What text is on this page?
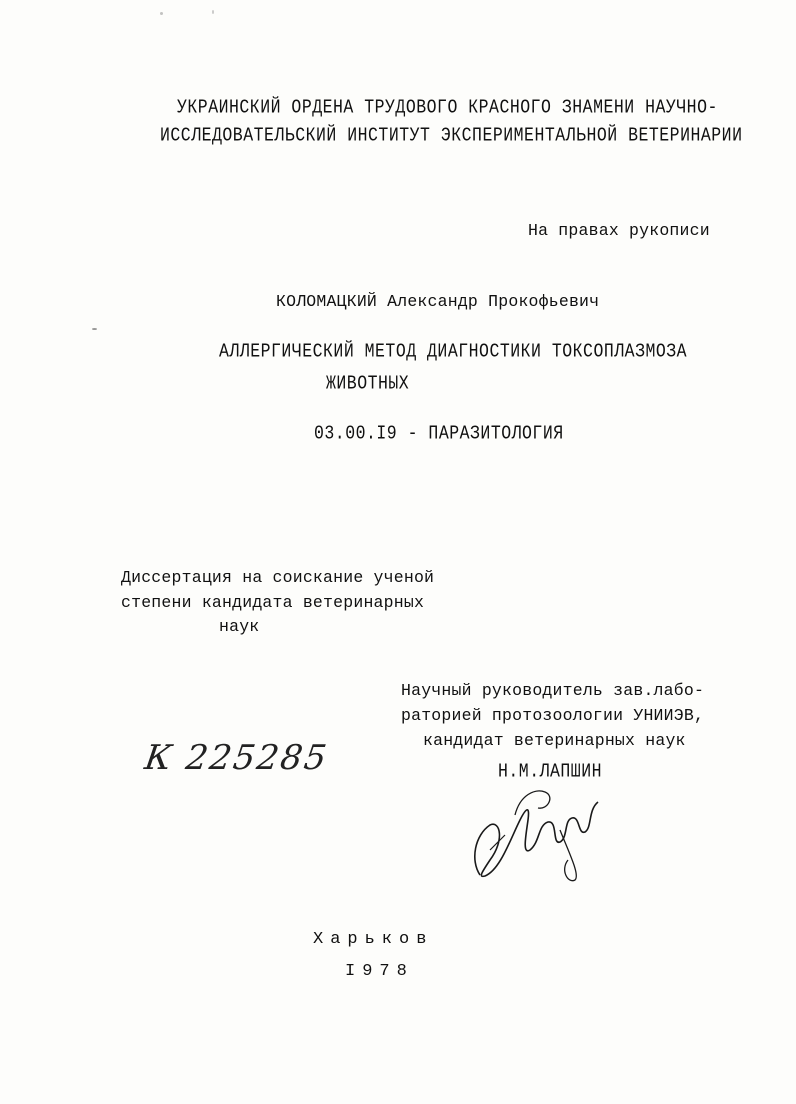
УКРАИНСКИЙ ОРДЕНА ТРУДОВОГО КРАСНОГО ЗНАМЕНИ НАУЧНО-
ИССЛЕДОВАТЕЛЬСКИЙ ИНСТИТУТ ЭКСПЕРИМЕНТАЛЬНОЙ ВЕТЕРИНАРИИ
На правах рукописи
КОЛОМАЦКИЙ Александр Прокофьевич
АЛЛЕРГИЧЕСКИЙ МЕТОД ДИАГНОСТИКИ ТОКСОПЛАЗМОЗА
ЖИВОТНЫХ
03.00.I9 - ПАРАЗИТОЛОГИЯ
Диссертация на соискание ученой
степени кандидата ветеринарных
наук
Научный руководитель зав.лабо-
раторией протозоологии УНИИЭВ,
кандидат ветеринарных наук
Н.М.ЛАПШИН
К 225285
Харьков
I978
